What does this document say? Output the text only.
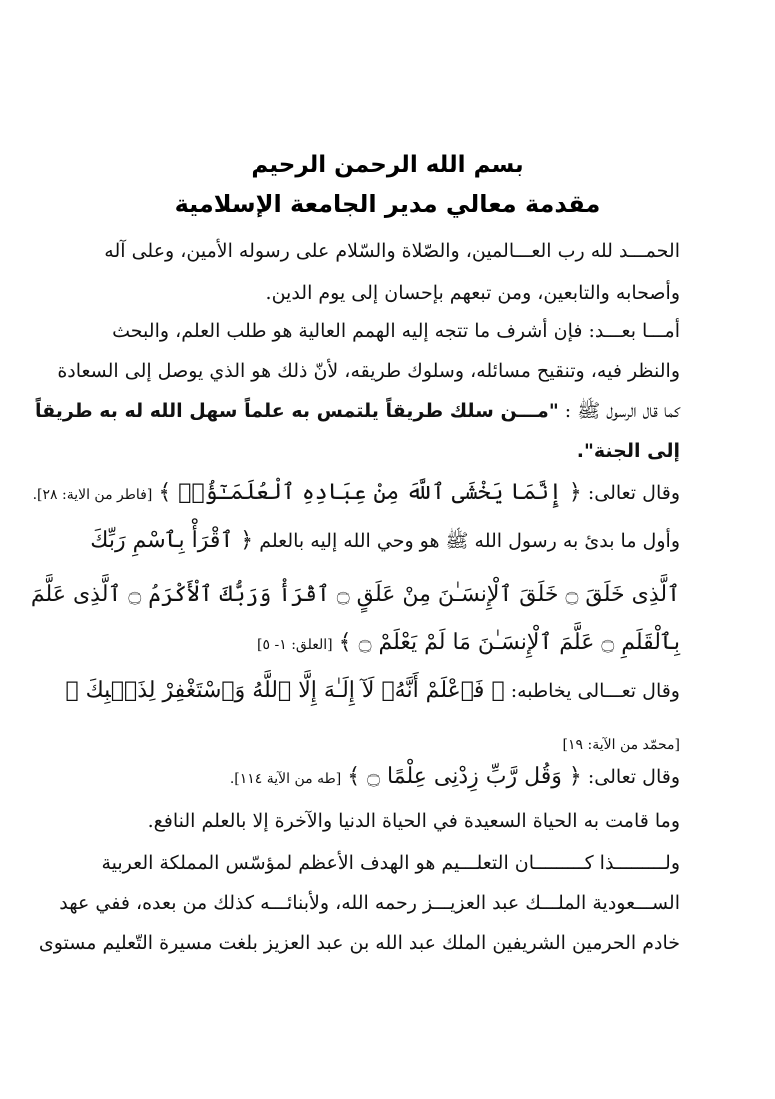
بسم الله الرحمن الرحيم
مقدمة معالي مدير الجامعة الإسلامية
الحمـــد لله رب العـــالمين، والصّلاة والسّلام على رسوله الأمين، وعلى آله
وأصحابه والتابعين، ومن تبعهم بإحسان إلى يوم الدين.
أمـــا بعـــد: فإن أشرف ما تتجه إليه الهمم العالية هو طلب العلم، والبحث
والنظر فيه، وتنقيح مسائله، وسلوك طريقه، لأنّ ذلك هو الذي يوصل إلى السعادة
كما قال الرسول ﷺ : "مـــن سلك طريقاً يلتمس به علماً سهل الله له به طريقاً
إلى الجنة".
وقال تعالى: ﴿ إِنَّمَا يَخْشَى ٱللَّهَ مِنْ عِبَادِهِ ٱلْعُلَمَـٰٓؤُا۟ ﴾ [فاطر من الاية: ٢٨].
وأول ما بدئ به رسول الله ﷺ هو وحي الله إليه بالعلم ﴿ ٱقْرَأْ بِٱسْمِ رَبِّكَ
ٱلَّذِى خَلَقَ ۝ خَلَقَ ٱلْإِنسَـٰنَ مِنْ عَلَقٍ ۝ ٱقْرَأْ وَرَبُّكَ ٱلْأَكْرَمُ ۝ ٱلَّذِى عَلَّمَ
بِٱلْقَلَمِ ۝ عَلَّمَ ٱلْإِنسَـٰنَ مَا لَمْ يَعْلَمْ ۝ ﴾ [العلق: ١- ٥]
وقال تعـــالى يخاطبه: ﴿ فَٱعْلَمْ أَنَّهُۥ لَآ إِلَـٰهَ إِلَّا ٱللَّهُ وَٱسْتَغْفِرْ لِذَنۢبِكَ ﴾
[محمّد من الآية: ١٩]
وقال تعالى: ﴿ وَقُل رَّبِّ زِدْنِى عِلْمًا ۝ ﴾ [طه من الآية ١١٤].
وما قامت به الحياة السعيدة في الحياة الدنيا والآخرة إلا بالعلم النافع.
ولـــــــــذا كـــــــــان التعلـــيم هو الهدف الأعظم لمؤسّس المملكة العربية
الســـعودية الملـــك عبد العزيـــز رحمه الله، ولأبنائـــه كذلك من بعده، ففي عهد
خادم الحرمين الشريفين الملك عبد الله بن عبد العزيز بلغت مسيرة التّعليم مستوى
